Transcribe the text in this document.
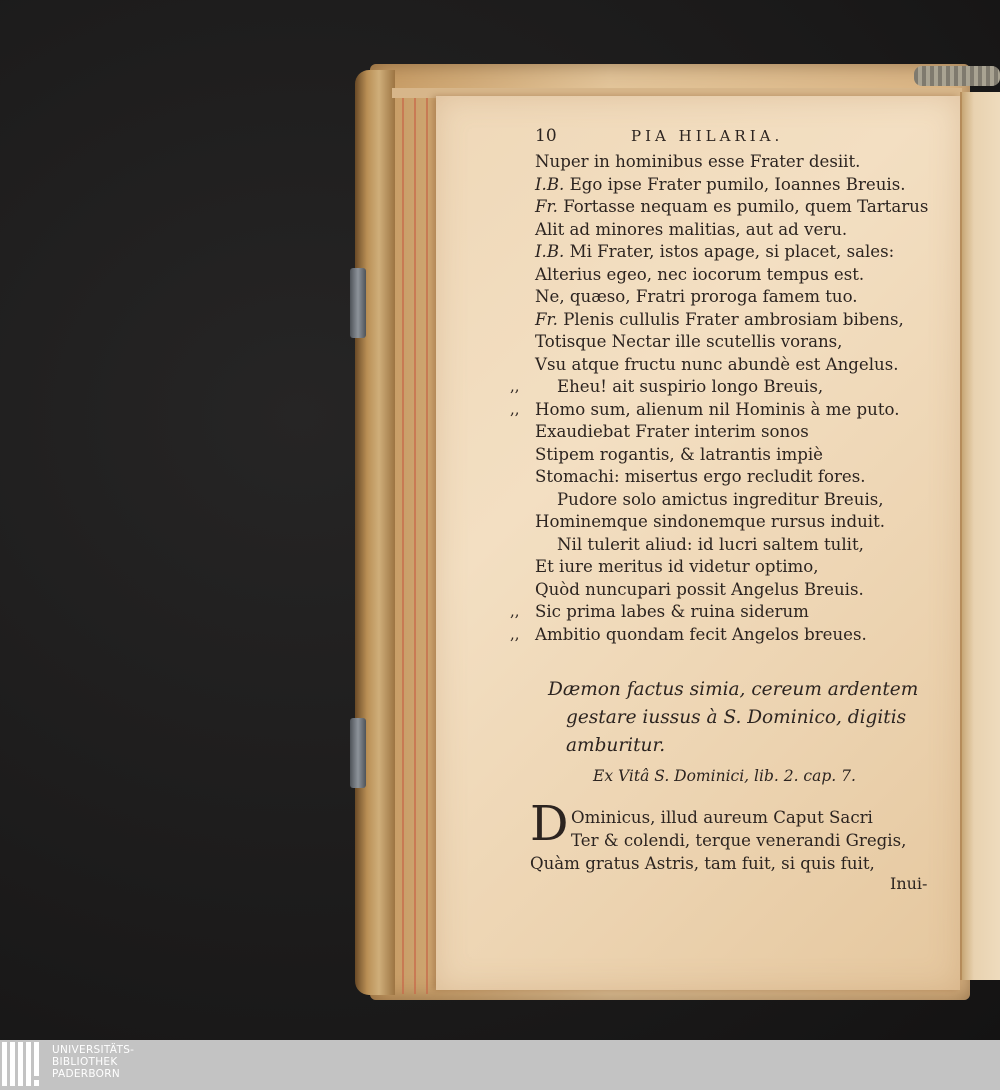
10	PIA HILARIA.
Nuper in hominibus esse Frater desiit.
I.B. Ego ipse Frater pumilo, Ioannes Breuis.
Fr. Fortasse nequam es pumilo, quem Tartarus
Alit ad minores malitias, aut ad veru.
I.B. Mi Frater, istos apage, si placet, sales:
Alterius egeo, nec iocorum tempus est.
Ne, quæso, Fratri proroga famem tuo.
Fr. Plenis cullulis Frater ambrosiam bibens,
Totisque Nectar ille scutellis vorans,
Vsu atque fructu nunc abundè est Angelus.
,,	Eheu! ait suspirio longo Breuis,
,, Homo sum, alienum nil Hominis à me puto.
Exaudiebat Frater interim sonos
Stipem rogantis, & latrantis impiè
Stomachi: misertus ergo recludit fores.
Pudore solo amictus ingreditur Breuis,
Hominemque sindonemque rursus induit.
Nil tulerit aliud: id lucri saltem tulit,
Et iure meritus id videtur optimo,
Quòd nuncupari possit Angelus Breuis.
,, Sic prima labes & ruina siderum
,, Ambitio quondam fecit Angelos breues.
Dæmon factus simia, cereum ardentem
gestare iussus à S. Dominico, digitis
amburitur.
Ex Vitâ S. Dominici, lib. 2. cap. 7.
D Ominicus, illud aureum Caput Sacri
Ter & colendi, terque venerandi Gregis,
Quàm gratus Astris, tam fuit, si quis fuit,
Inui-
UNIVERSITÄTS-
BIBLIOTHEK
PADERBORN
